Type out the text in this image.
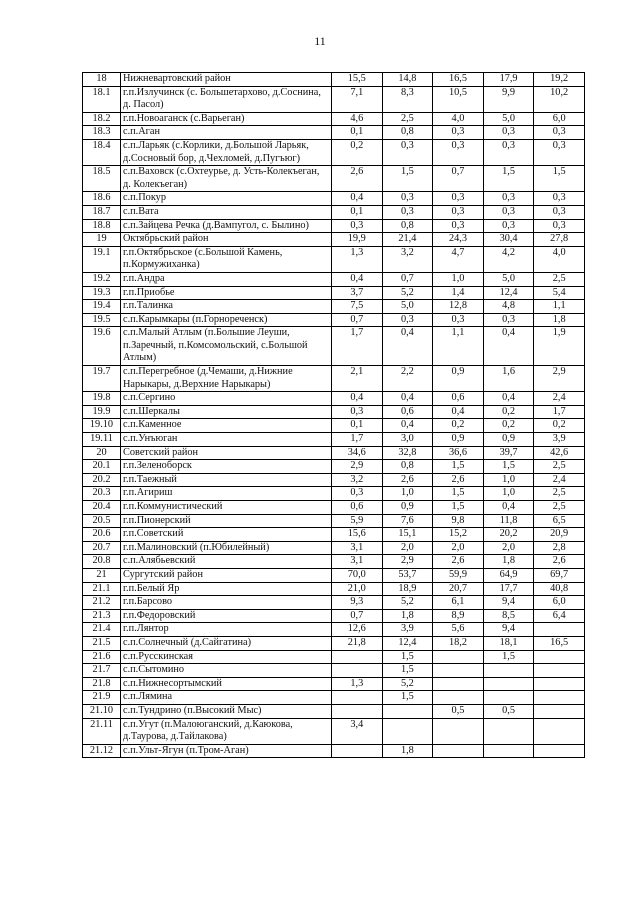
11
18	Нижневартовский район	15,5	14,8	16,5	17,9	19,2
18.1	г.п.Излучинск (с. Большетархово, д.Соснина, д. Пасол)	7,1	8,3	10,5	9,9	10,2
18.2	г.п.Новоаганск (с.Варьеган)	4,6	2,5	4,0	5,0	6,0
18.3	с.п.Аган	0,1	0,8	0,3	0,3	0,3
18.4	с.п.Ларьяк (с.Корлики, д.Большой Ларьяк, д.Сосновый бор, д.Чехломей, д.Пугъюг)	0,2	0,3	0,3	0,3	0,3
18.5	с.п.Ваховск (с.Охтеурье, д. Усть-Колекъеган, д. Колекъеган)	2,6	1,5	0,7	1,5	1,5
18.6	с.п.Покур	0,4	0,3	0,3	0,3	0,3
18.7	с.п.Вата	0,1	0,3	0,3	0,3	0,3
18.8	с.п.Зайцева Речка (д.Вампугол, с. Былино)	0,3	0,8	0,3	0,3	0,3
19	Октябрьский район	19,9	21,4	24,3	30,4	27,8
19.1	г.п.Октябрьское (с.Большой Камень, п.Кормужиханка)	1,3	3,2	4,7	4,2	4,0
19.2	г.п.Андра	0,4	0,7	1,0	5,0	2,5
19.3	г.п.Приобье	3,7	5,2	1,4	12,4	5,4
19.4	г.п.Талинка	7,5	5,0	12,8	4,8	1,1
19.5	с.п.Карымкары (п.Горнореченск)	0,7	0,3	0,3	0,3	1,8
19.6	с.п.Малый Атлым (п.Большие Леуши, п.Заречный, п.Комсомольский, с.Большой Атлым)	1,7	0,4	1,1	0,4	1,9
19.7	с.п.Перегребное (д.Чемаши, д.Нижние Нарыкары, д.Верхние Нарыкары)	2,1	2,2	0,9	1,6	2,9
19.8	с.п.Сергино	0,4	0,4	0,6	0,4	2,4
19.9	с.п.Шеркалы	0,3	0,6	0,4	0,2	1,7
19.10	с.п.Каменное	0,1	0,4	0,2	0,2	0,2
19.11	с.п.Унъюган	1,7	3,0	0,9	0,9	3,9
20	Советский район	34,6	32,8	36,6	39,7	42,6
20.1	г.п.Зеленоборск	2,9	0,8	1,5	1,5	2,5
20.2	г.п.Таежный	3,2	2,6	2,6	1,0	2,4
20.3	г.п.Агириш	0,3	1,0	1,5	1,0	2,5
20.4	г.п.Коммунистический	0,6	0,9	1,5	0,4	2,5
20.5	г.п.Пионерский	5,9	7,6	9,8	11,8	6,5
20.6	г.п.Советский	15,6	15,1	15,2	20,2	20,9
20.7	г.п.Малиновский (п.Юбилейный)	3,1	2,0	2,0	2,0	2,8
20.8	с.п.Алябьевский	3,1	2,9	2,6	1,8	2,6
21	Сургутский район	70,0	53,7	59,9	64,9	69,7
21.1	г.п.Белый Яр	21,0	18,9	20,7	17,7	40,8
21.2	г.п.Барсово	9,3	5,2	6,1	9,4	6,0
21.3	г.п.Федоровский	0,7	1,8	8,9	8,5	6,4
21.4	г.п.Лянтор	12,6	3,9	5,6	9,4	
21.5	с.п.Солнечный (д.Сайгатина)	21,8	12,4	18,2	18,1	16,5
21.6	с.п.Русскинская		1,5		1,5	
21.7	с.п.Сытомино		1,5			
21.8	с.п.Нижнесортымский	1,3	5,2			
21.9	с.п.Лямина		1,5			
21.10	с.п.Тундрино (п.Высокий Мыс)			0,5	0,5	
21.11	с.п.Угут (п.Малоюганский, д.Каюкова, д.Таурова, д.Тайлакова)	3,4				
21.12	с.п.Ульт-Ягун (п.Тром-Аган)		1,8			
